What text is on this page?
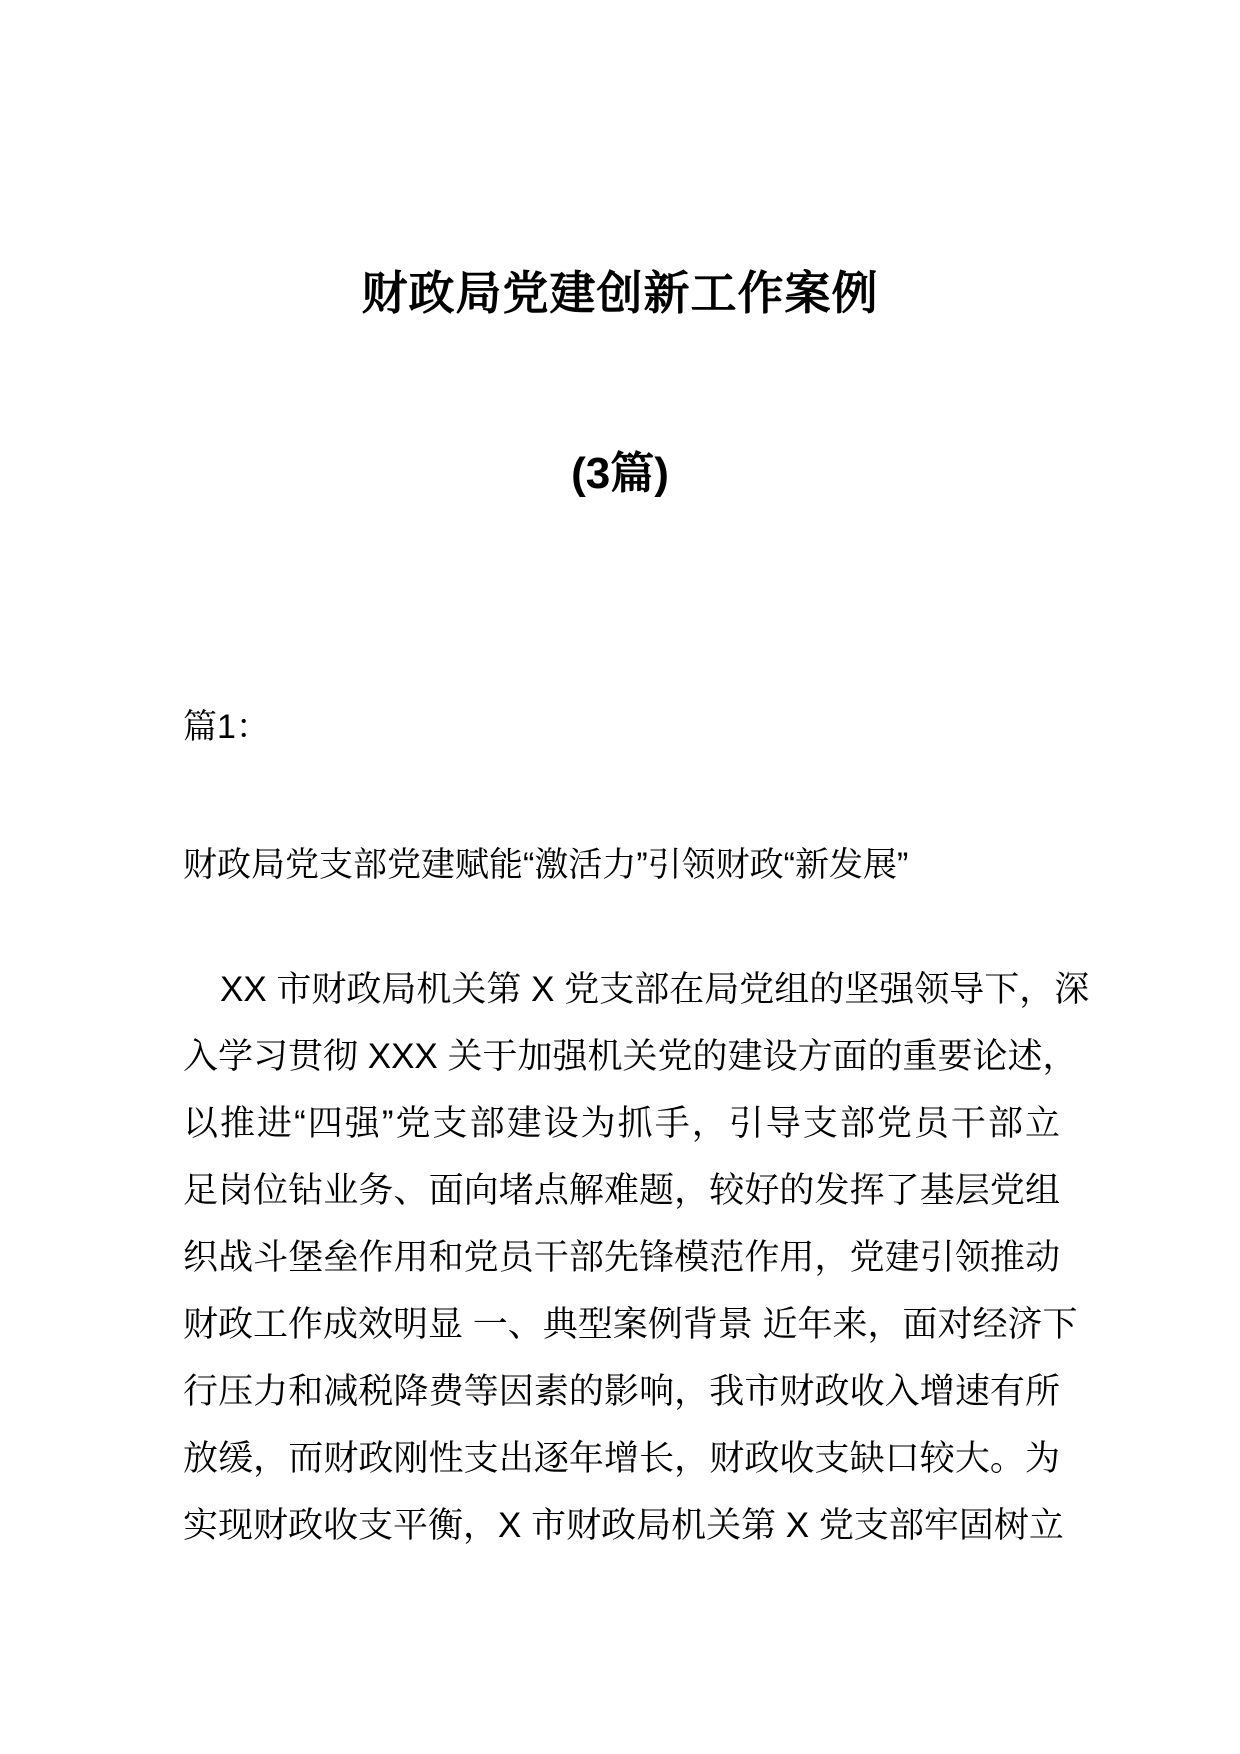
财政局党建创新工作案例
(3篇)
篇1：
财政局党支部党建赋能“激活力”引领财政“新发展”
XX 市财政局机关第 X 党支部在局党组的坚强领导下，深
入学习贯彻 XXX 关于加强机关党的建设方面的重要论述，
以推进“四强”党支部建设为抓手，引导支部党员干部立
足岗位钻业务、面向堵点解难题，较好的发挥了基层党组
织战斗堡垒作用和党员干部先锋模范作用，党建引领推动
财政工作成效明显 一、典型案例背景 近年来，面对经济下
行压力和减税降费等因素的影响，我市财政收入增速有所
放缓，而财政刚性支出逐年增长，财政收支缺口较大。为
实现财政收支平衡，X 市财政局机关第 X 党支部牢固树立
